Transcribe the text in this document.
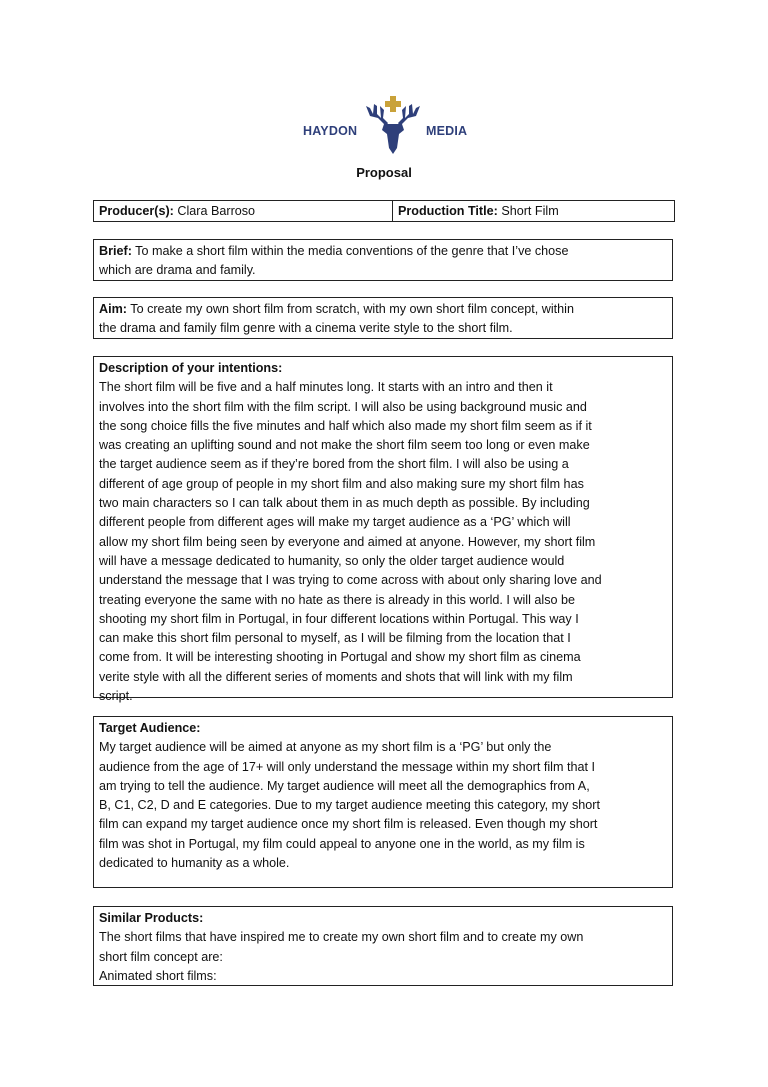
HAYDON	MEDIA
Proposal
Producer(s): Clara Barroso	Production Title: Short Film
Brief: To make a short film within the media conventions of the genre that I’ve chose
which are drama and family.
Aim: To create my own short film from scratch, with my own short film concept, within
the drama and family film genre with a cinema verite style to the short film.
Description of your intentions:
The short film will be five and a half minutes long. It starts with an intro and then it
involves into the short film with the film script. I will also be using background music and
the song choice fills the five minutes and half which also made my short film seem as if it
was creating an uplifting sound and not make the short film seem too long or even make
the target audience seem as if they’re bored from the short film. I will also be using a
different of age group of people in my short film and also making sure my short film has
two main characters so I can talk about them in as much depth as possible. By including
different people from different ages will make my target audience as a ‘PG’ which will
allow my short film being seen by everyone and aimed at anyone. However, my short film
will have a message dedicated to humanity, so only the older target audience would
understand the message that I was trying to come across with about only sharing love and
treating everyone the same with no hate as there is already in this world. I will also be
shooting my short film in Portugal, in four different locations within Portugal. This way I
can make this short film personal to myself, as I will be filming from the location that I
come from. It will be interesting shooting in Portugal and show my short film as cinema
verite style with all the different series of moments and shots that will link with my film
script.
Target Audience:
My target audience will be aimed at anyone as my short film is a ‘PG’ but only the
audience from the age of 17+ will only understand the message within my short film that I
am trying to tell the audience. My target audience will meet all the demographics from A,
B, C1, C2, D and E categories. Due to my target audience meeting this category, my short
film can expand my target audience once my short film is released. Even though my short
film was shot in Portugal, my film could appeal to anyone one in the world, as my film is
dedicated to humanity as a whole.
Similar Products:
The short films that have inspired me to create my own short film and to create my own
short film concept are:
Animated short films:
